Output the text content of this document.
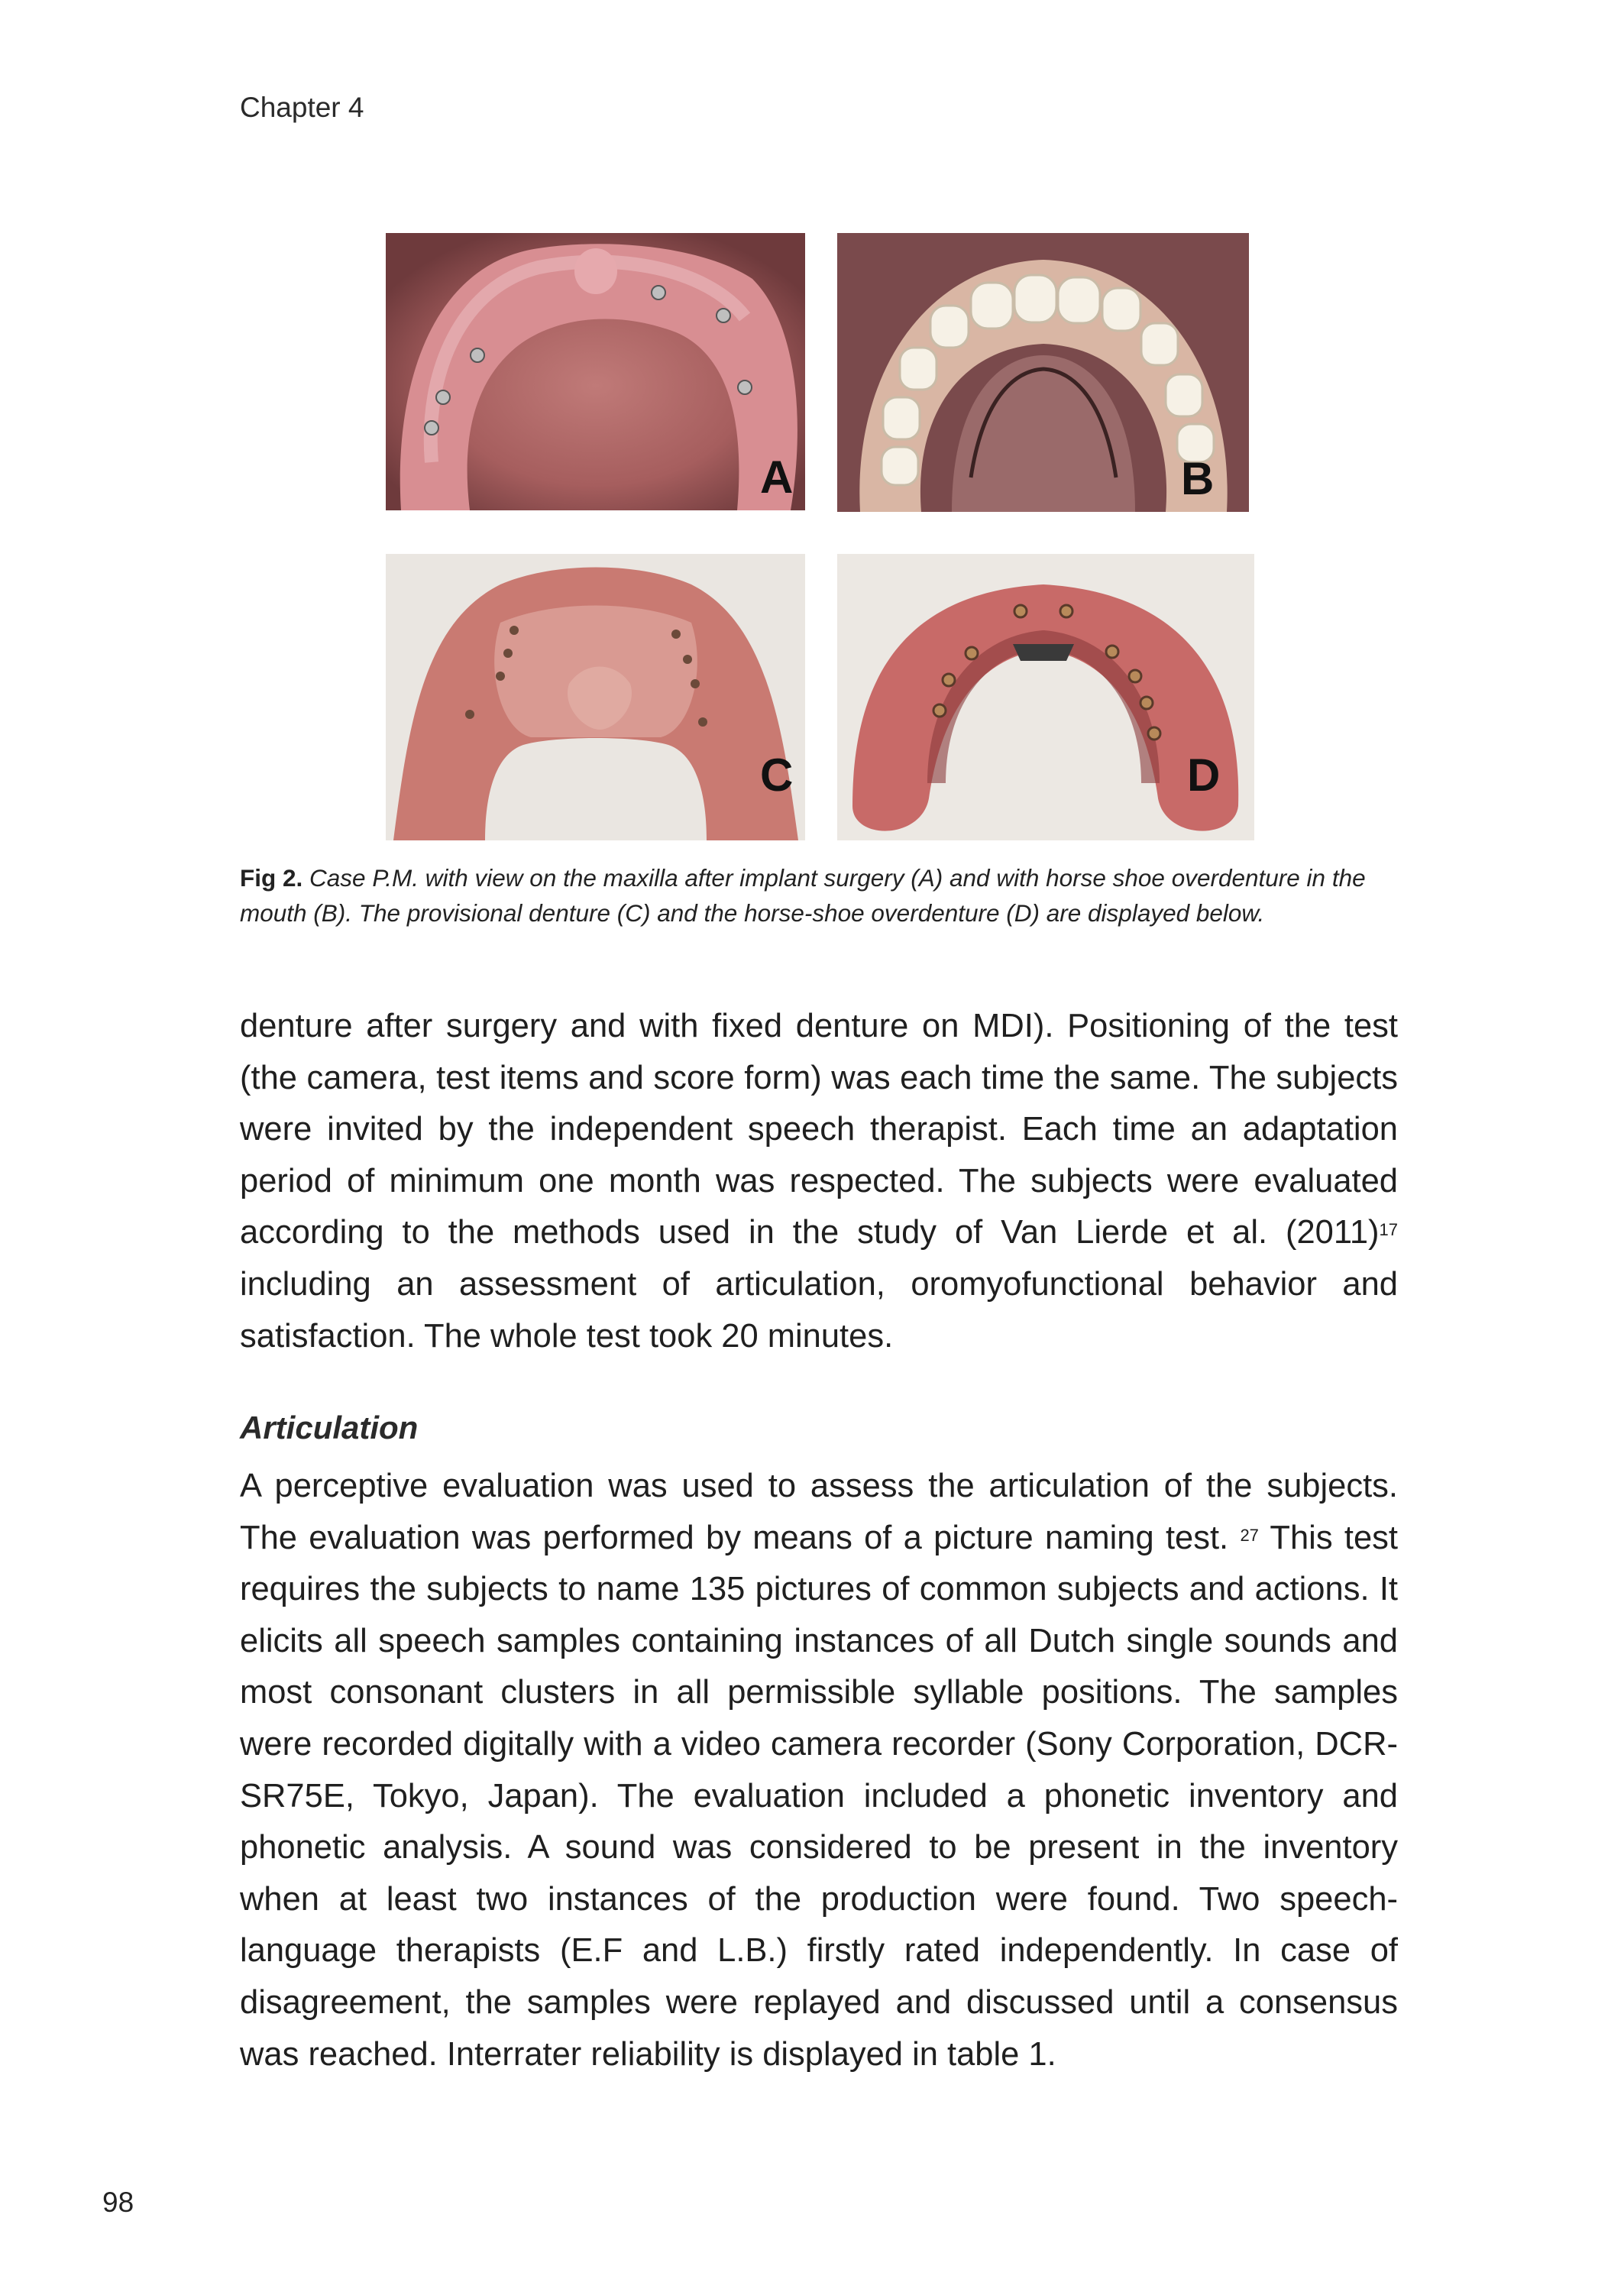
Chapter 4
A	B
C	D
Fig 2. Case P.M. with view on the maxilla after implant surgery (A) and with horse shoe overdenture in the mouth (B). The provisional denture (C) and the horse-shoe overdenture (D) are displayed below.

denture after surgery and with fixed denture on MDI). Positioning of the test (the camera, test items and score form) was each time the same. The subjects were invited by the independent speech therapist. Each time an adaptation period of minimum one month was respected. The subjects were evaluated according to the methods used in the study of Van Lierde et al. $(2011)^{17}$ including an assessment of articulation, oromyofunctional behavior and satisfaction. The whole test took 20 minutes.

Articulation

A perceptive evaluation was used to assess the articulation of the subjects. The evaluation was performed by means of a picture naming test. $^{27}$ This test requires the subjects to name 135 pictures of common subjects and actions. It elicits all speech samples containing instances of all Dutch single sounds and most consonant clusters in all permissible syllable positions. The samples were recorded digitally with a video camera recorder (Sony Corporation, DCR-SR75E, Tokyo, Japan). The evaluation included a phonetic inventory and phonetic analysis. A sound was considered to be present in the inventory when at least two instances of the production were found. Two speech-language therapists (E.F and L.B.) firstly rated independently. In case of disagreement, the samples were replayed and discussed until a consensus was reached. Interrater reliability is displayed in table 1.

98
